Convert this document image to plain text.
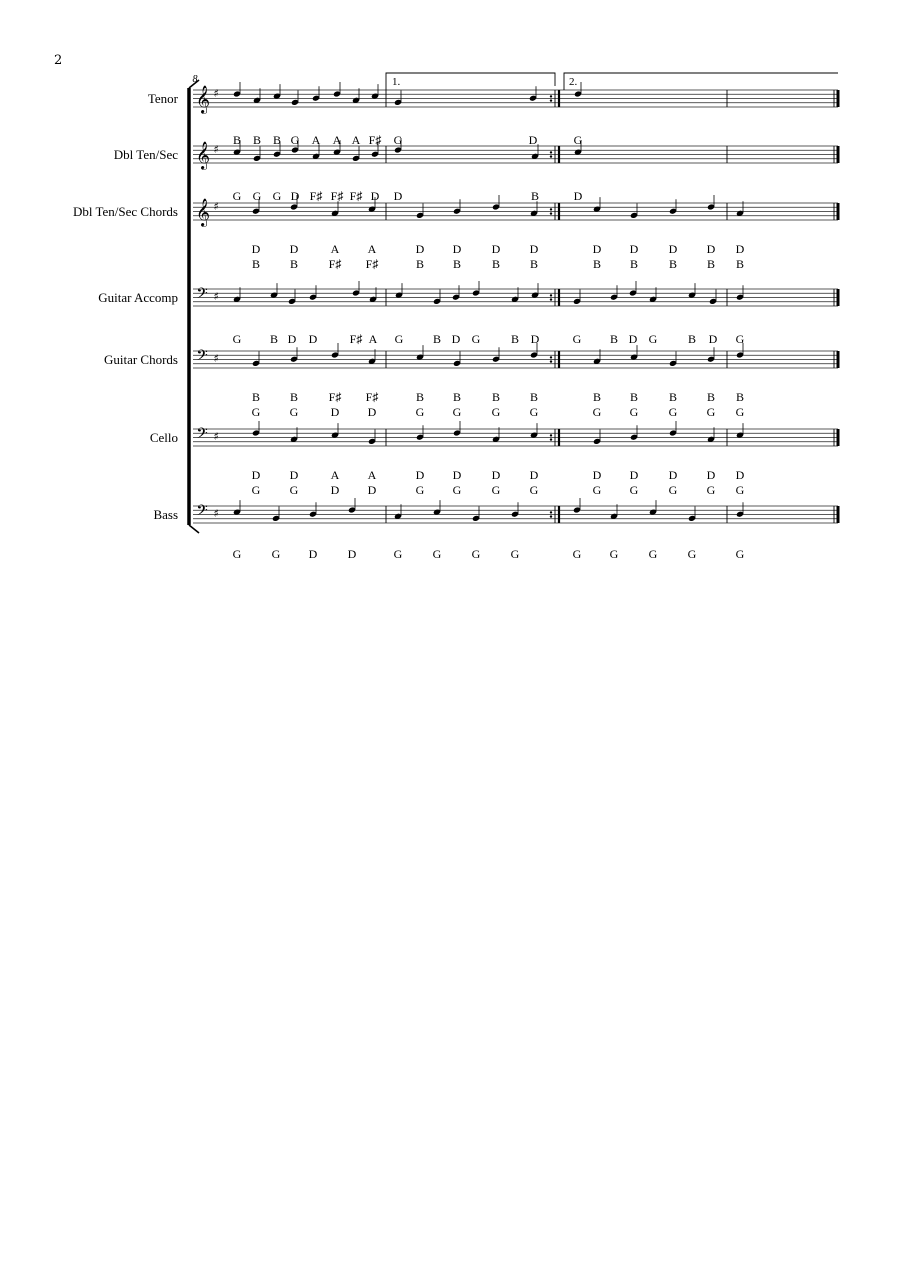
2
Tenor 𝄞 ♯
B B B G A A A F♯ G	D	G
Dbl Ten/Sec 𝄞 ♯
G G G D F♯ F♯ F♯ D D	B	D
Dbl Ten/Sec Chords 𝄞 ♯
D D	A A	D D	D D	D D	D D D
B B	F♯ F♯	B B	B B	B B	B B B
Guitar Accomp 𝄢 ♯
G B D D	F♯ A G B D G	B D	G B D G	B D G
Guitar Chords 𝄢 ♯
B B	F♯ F♯	B B	B B	B B	B B B
G G	D D	G G	G G	G G	G G G
Cello 𝄢 ♯
D D	A A	D D	D D	D D	D D D
G G	D D	G G	G G	G G	G G G
Bass 𝄢 ♯
G	G D	D	G	G	G	G	G G	G	G	G
8	1.	2.
